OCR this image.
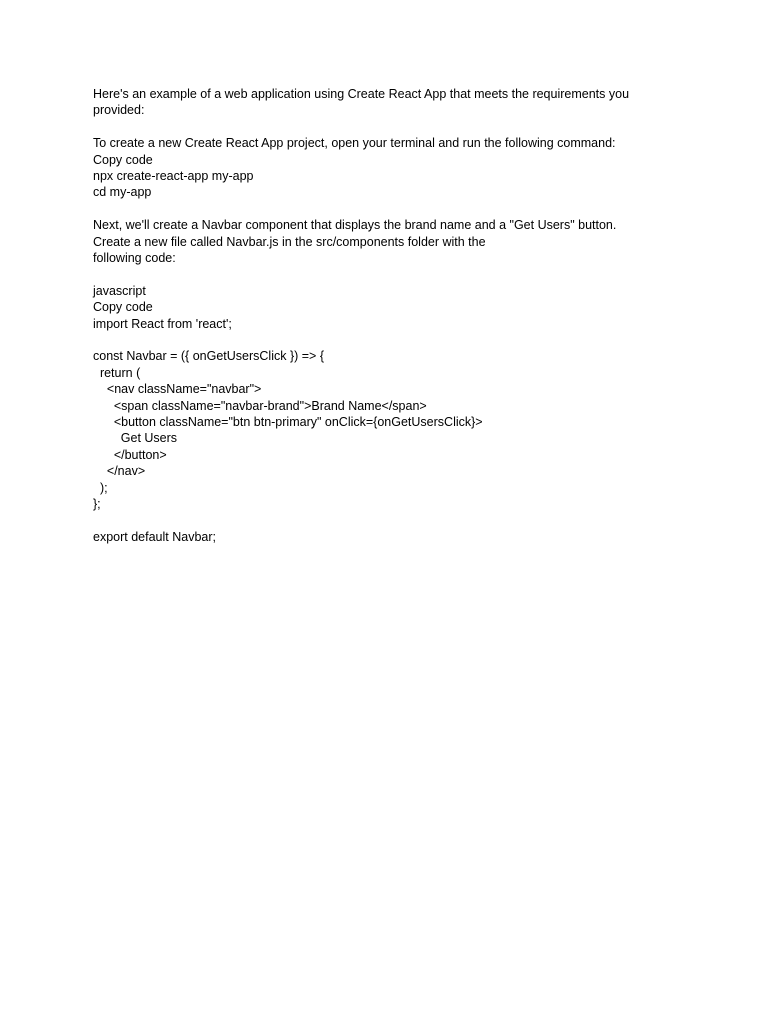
Here's an example of a web application using Create React App that meets the requirements you
provided:
To create a new Create React App project, open your terminal and run the following command:
Copy code
npx create-react-app my-app
cd my-app
Next, we'll create a Navbar component that displays the brand name and a "Get Users" button.
Create a new file called Navbar.js in the src/components folder with the
following code:
javascript
Copy code
import React from 'react';
const Navbar = ({ onGetUsersClick }) => {
return (
<nav className="navbar">
<span className="navbar-brand">Brand Name</span>
<button className="btn btn-primary" onClick={onGetUsersClick}>
Get Users
</button>
</nav>
);
};
export default Navbar;
